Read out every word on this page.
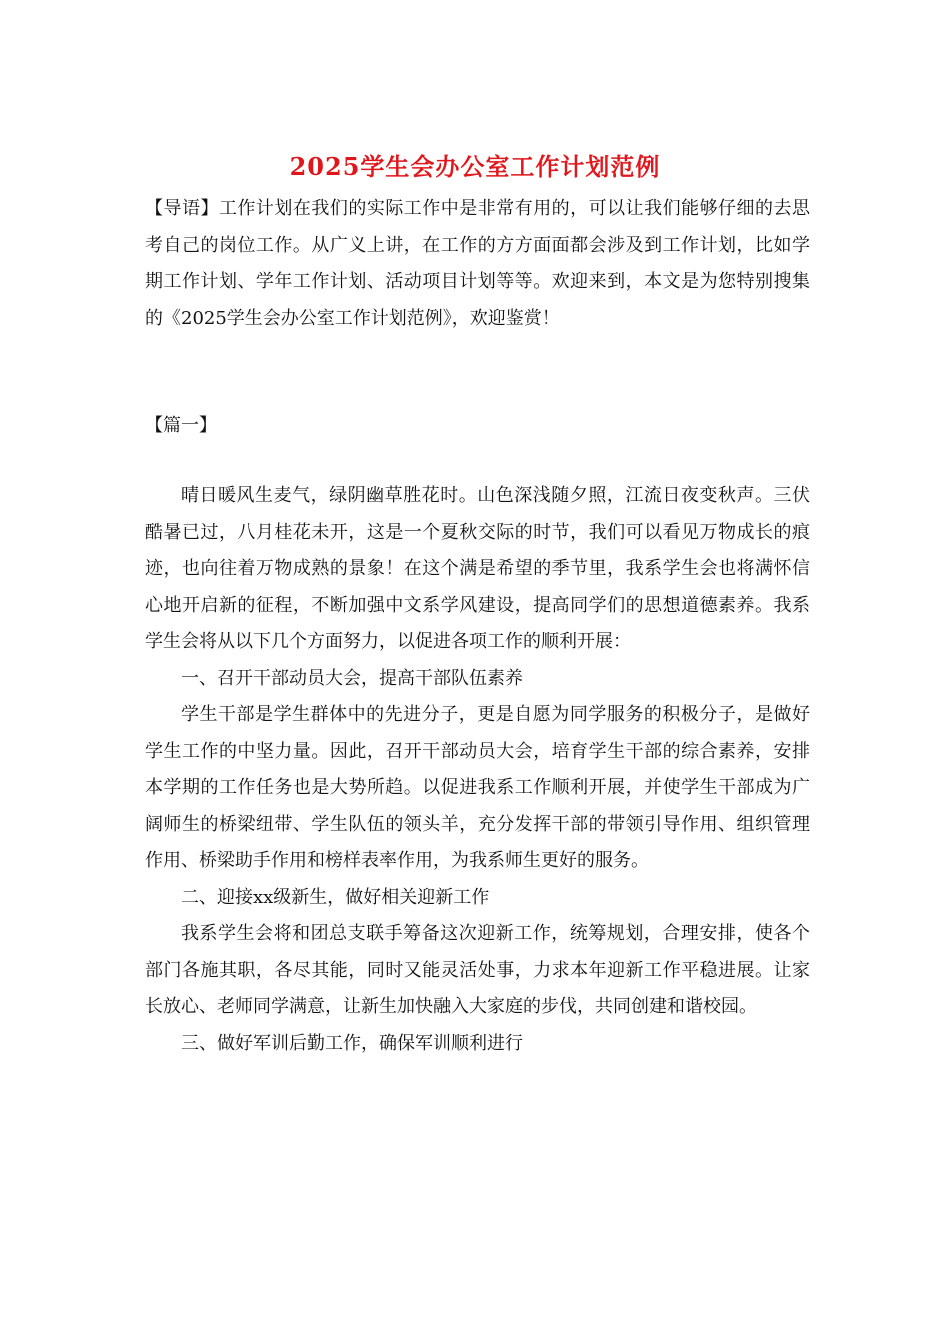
2025学生会办公室工作计划范例

【导语】工作计划在我们的实际工作中是非常有用的，可以让我们能够仔细的去思考自己的岗位工作。从广义上讲，在工作的方方面面都会涉及到工作计划，比如学期工作计划、学年工作计划、活动项目计划等等。欢迎来到，本文是为您特别搜集的《2025学生会办公室工作计划范例》，欢迎鉴赏！

【篇一】

晴日暖风生麦气，绿阴幽草胜花时。山色深浅随夕照，江流日夜变秋声。三伏酷暑已过，八月桂花未开，这是一个夏秋交际的时节，我们可以看见万物成长的痕迹，也向往着万物成熟的景象！在这个满是希望的季节里，我系学生会也将满怀信心地开启新的征程，不断加强中文系学风建设，提高同学们的思想道德素养。我系学生会将从以下几个方面努力，以促进各项工作的顺利开展：

一、召开干部动员大会，提高干部队伍素养

学生干部是学生群体中的先进分子，更是自愿为同学服务的积极分子，是做好学生工作的中坚力量。因此，召开干部动员大会，培育学生干部的综合素养，安排本学期的工作任务也是大势所趋。以促进我系工作顺利开展，并使学生干部成为广阔师生的桥梁纽带、学生队伍的领头羊，充分发挥干部的带领引导作用、组织管理作用、桥梁助手作用和榜样表率作用，为我系师生更好的服务。

二、迎接xx级新生，做好相关迎新工作

我系学生会将和团总支联手筹备这次迎新工作，统筹规划，合理安排，使各个部门各施其职，各尽其能，同时又能灵活处事，力求本年迎新工作平稳进展。让家长放心、老师同学满意，让新生加快融入大家庭的步伐，共同创建和谐校园。

三、做好军训后勤工作，确保军训顺利进行
